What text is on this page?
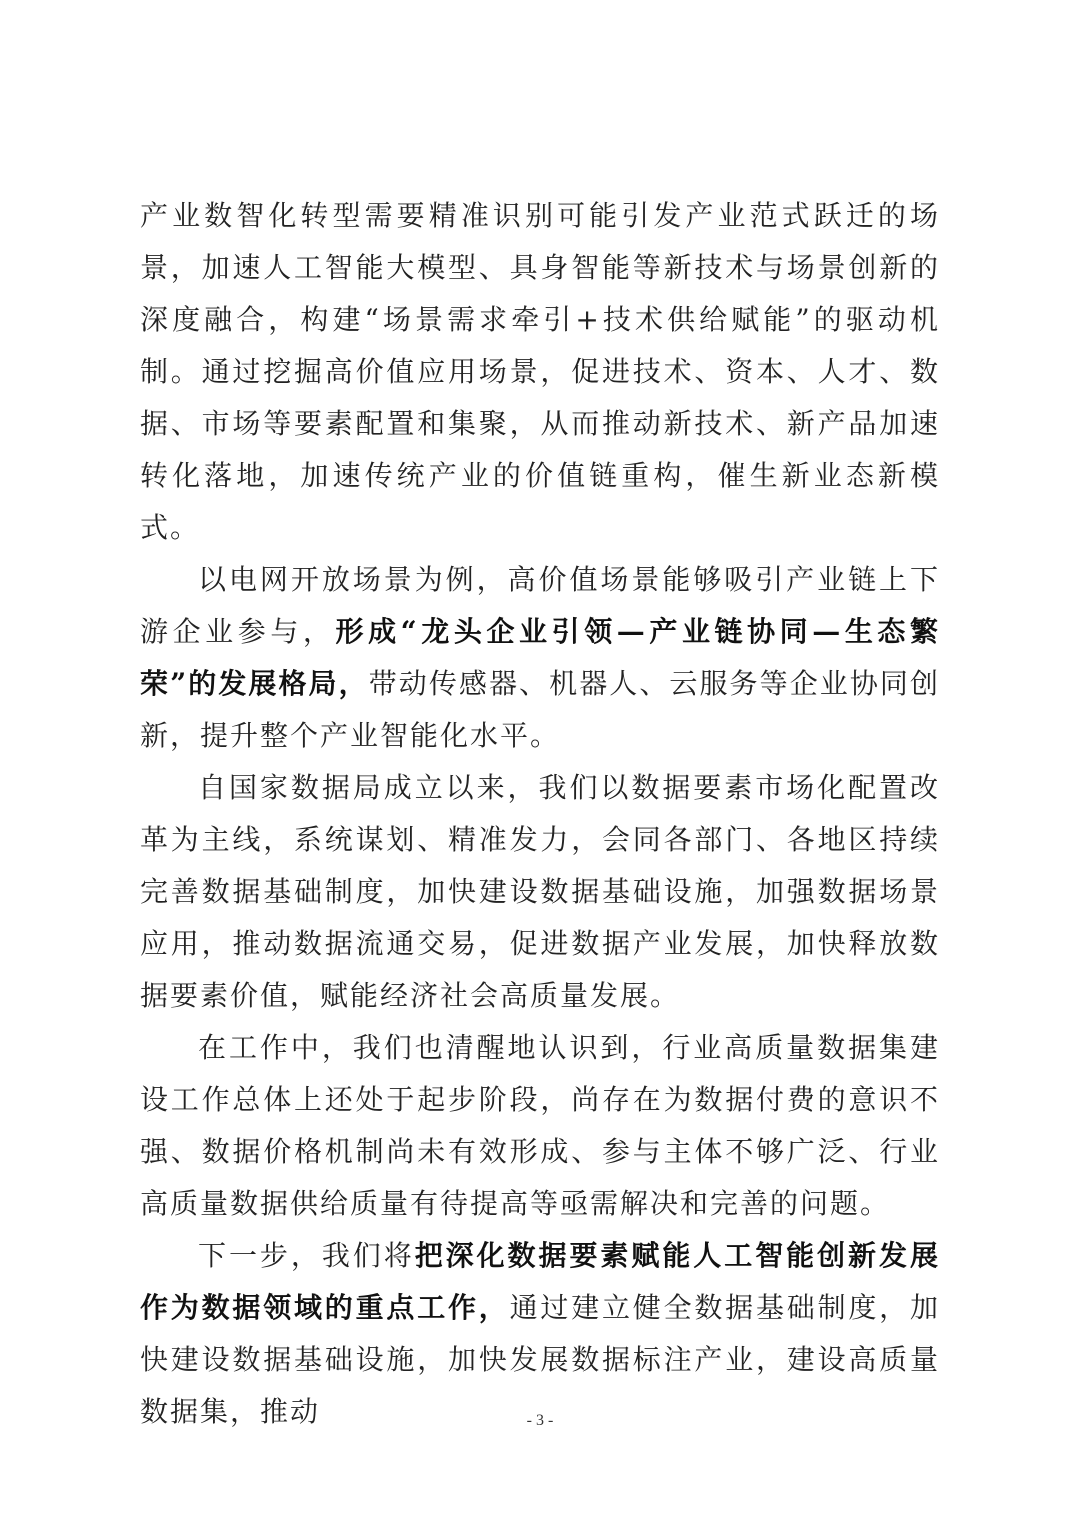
产业数智化转型需要精准识别可能引发产业范式跃迁的场景，加速人工智能大模型、具身智能等新技术与场景创新的深度融合，构建“场景需求牵引+技术供给赋能”的驱动机制。通过挖掘高价值应用场景，促进技术、资本、人才、数据、市场等要素配置和集聚，从而推动新技术、新产品加速转化落地，加速传统产业的价值链重构，催生新业态新模式。

以电网开放场景为例，高价值场景能够吸引产业链上下游企业参与，形成“龙头企业引领—产业链协同—生态繁荣”的发展格局，带动传感器、机器人、云服务等企业协同创新，提升整个产业智能化水平。

自国家数据局成立以来，我们以数据要素市场化配置改革为主线，系统谋划、精准发力，会同各部门、各地区持续完善数据基础制度，加快建设数据基础设施，加强数据场景应用，推动数据流通交易，促进数据产业发展，加快释放数据要素价值，赋能经济社会高质量发展。

在工作中，我们也清醒地认识到，行业高质量数据集建设工作总体上还处于起步阶段，尚存在为数据付费的意识不强、数据价格机制尚未有效形成、参与主体不够广泛、行业高质量数据供给质量有待提高等亟需解决和完善的问题。

下一步，我们将把深化数据要素赋能人工智能创新发展作为数据领域的重点工作，通过建立健全数据基础制度，加快建设数据基础设施，加快发展数据标注产业，建设高质量数据集，推动	- 3 -
